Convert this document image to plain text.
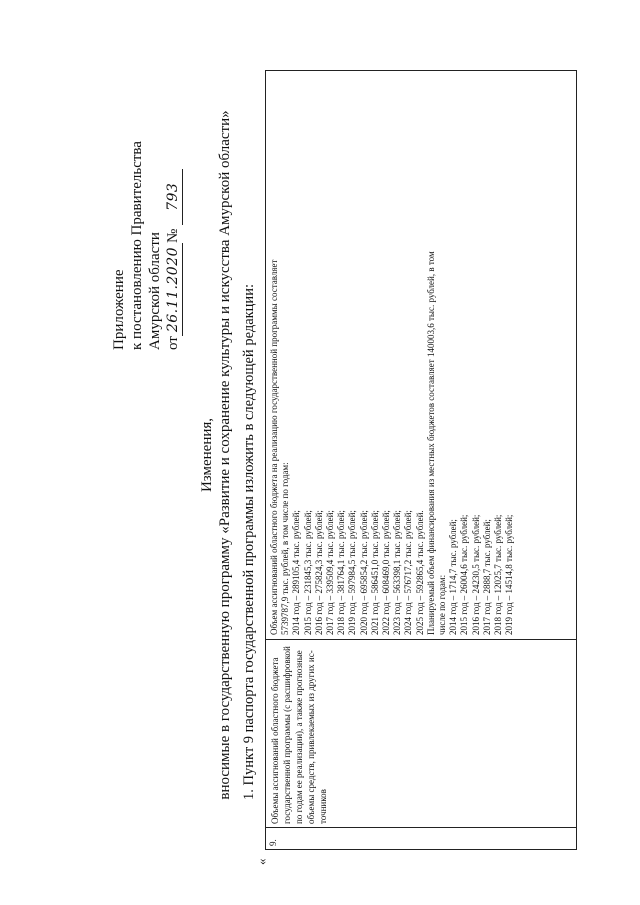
Приложение к постановлению Правительства Амурской области от26.11.2020№ 793
Изменения, вносимые в государственную программу «Развитие и сохранение культуры и искусства Амурской области» 1. Пункт 9 паспорта государственной программы изложить в следующей редакции:
«
9.
Объемы ассигнований областного бюджета государственной программы (с расшифровкой по годам ее реализации), а также прогнозные объемы средств, привлекаемых из других ис- точников
Объем ассигнований областного бюджета на реализацию государственной программы составляет 5739787,9 тыс. рублей, в том числе по годам: 2014 год – 289105,4 тыс. рублей; 2015 год – 231845,3 тыс. рублей; 2016 год – 275824,3 тыс. рублей; 2017 год – 339509,4 тыс. рублей; 2018 год – 381764,1 тыс. рублей; 2019 год – 597984,5 тыс. рублей; 2020 год – 695854,2 тыс. рублей; 2021 год – 586451,0 тыс. рублей; 2022 год – 608469,0 тыс. рублей; 2023 год – 563398,1 тыс. рублей; 2024 год – 576717,2 тыс. рублей; 2025 год – 592865,4 тыс. рублей. Планируемый объем финансирования из местных бюджетов составляет 140003,6 тыс. рублей, в том числе по годам: 2014 год – 1714,7 тыс. рублей; 2015 год – 26004,6 тыс. рублей; 2016 год – 24230,5 тыс. рублей; 2017 год – 2888,7 тыс. рублей; 2018 год – 12025,7 тыс. рублей; 2019 год – 14514,8 тыс. рублей;
